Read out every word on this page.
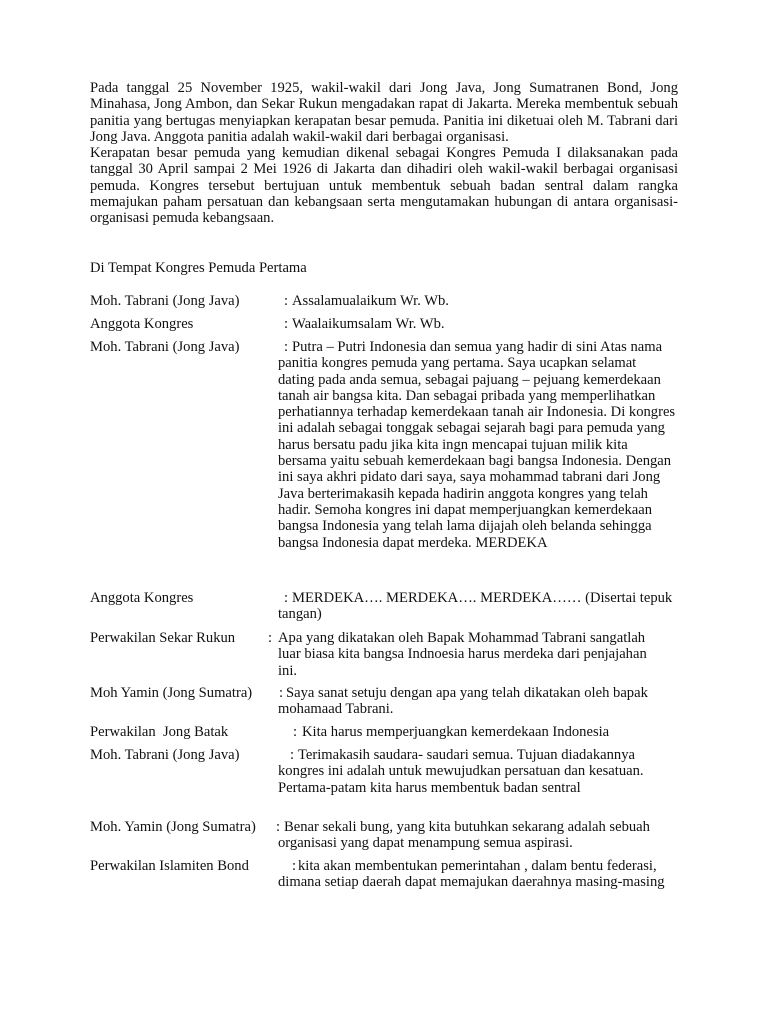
Pada tanggal 25 November 1925, wakil-wakil dari Jong Java, Jong Sumatranen Bond, Jong Minahasa, Jong Ambon, dan Sekar Rukun mengadakan rapat di Jakarta. Mereka membentuk sebuah panitia yang bertugas menyiapkan kerapatan besar pemuda. Panitia ini diketuai oleh M. Tabrani dari Jong Java. Anggota panitia adalah wakil-wakil dari berbagai organisasi.

Kerapatan besar pemuda yang kemudian dikenal sebagai Kongres Pemuda I dilaksanakan pada tanggal 30 April sampai 2 Mei 1926 di Jakarta dan dihadiri oleh wakil-wakil berbagai organisasi pemuda. Kongres tersebut bertujuan untuk membentuk sebuah badan sentral dalam rangka memajukan paham persatuan dan kebangsaan serta mengutamakan hubungan di antara organisasi-organisasi pemuda kebangsaan.

Di Tempat Kongres Pemuda Pertama
Moh. Tabrani (Jong Java)	: Assalamualaikum Wr. Wb.
Anggota Kongres	: Waalaikumsalam Wr. Wb.
Moh. Tabrani (Jong Java)	: Putra – Putri Indonesia dan semua yang hadir di sini Atas nama panitia kongres pemuda yang pertama. Saya ucapkan selamat dating pada anda semua, sebagai pajuang – pejuang kemerdekaan tanah air bangsa kita. Dan sebagai pribada yang memperlihatkan perhatiannya terhadap kemerdekaan tanah air Indonesia. Di kongres ini adalah sebagai tonggak sebagai sejarah bagi para pemuda yang harus bersatu padu jika kita ingn mencapai tujuan milik kita bersama yaitu sebuah kemerdekaan bagi bangsa Indonesia. Dengan ini saya akhri pidato dari saya, saya mohammad tabrani dari Jong Java berterimakasih kepada hadirin anggota kongres yang telah hadir. Semoha kongres ini dapat memperjuangkan kemerdekaan bangsa Indonesia yang telah lama dijajah oleh belanda sehingga bangsa Indonesia dapat merdeka. MERDEKA
Anggota Kongres	: MERDEKA…. MERDEKA…. MERDEKA…… (Disertai tepuk tangan)
Perwakilan Sekar Rukun : Apa yang dikatakan oleh Bapak Mohammad Tabrani sangatlah luar biasa kita bangsa Indnoesia harus merdeka dari penjajahan ini.
Moh Yamin (Jong Sumatra) : Saya sanat setuju dengan apa yang telah dikatakan oleh bapak mohamaad Tabrani.
Perwakilan  Jong Batak	: Kita harus memperjuangkan kemerdekaan Indonesia
Moh. Tabrani (Jong Java)	: Terimakasih saudara- saudari semua. Tujuan diadakannya kongres ini adalah untuk mewujudkan persatuan dan kesatuan. Pertama-patam kita harus membentuk badan sentral
Moh. Yamin (Jong Sumatra) : Benar sekali bung, yang kita butuhkan sekarang adalah sebuah organisasi yang dapat menampung semua aspirasi.
Perwakilan Islamiten Bond	: kita akan membentukan pemerintahan , dalam bentu federasi, dimana setiap daerah dapat memajukan daerahnya masing-masing
